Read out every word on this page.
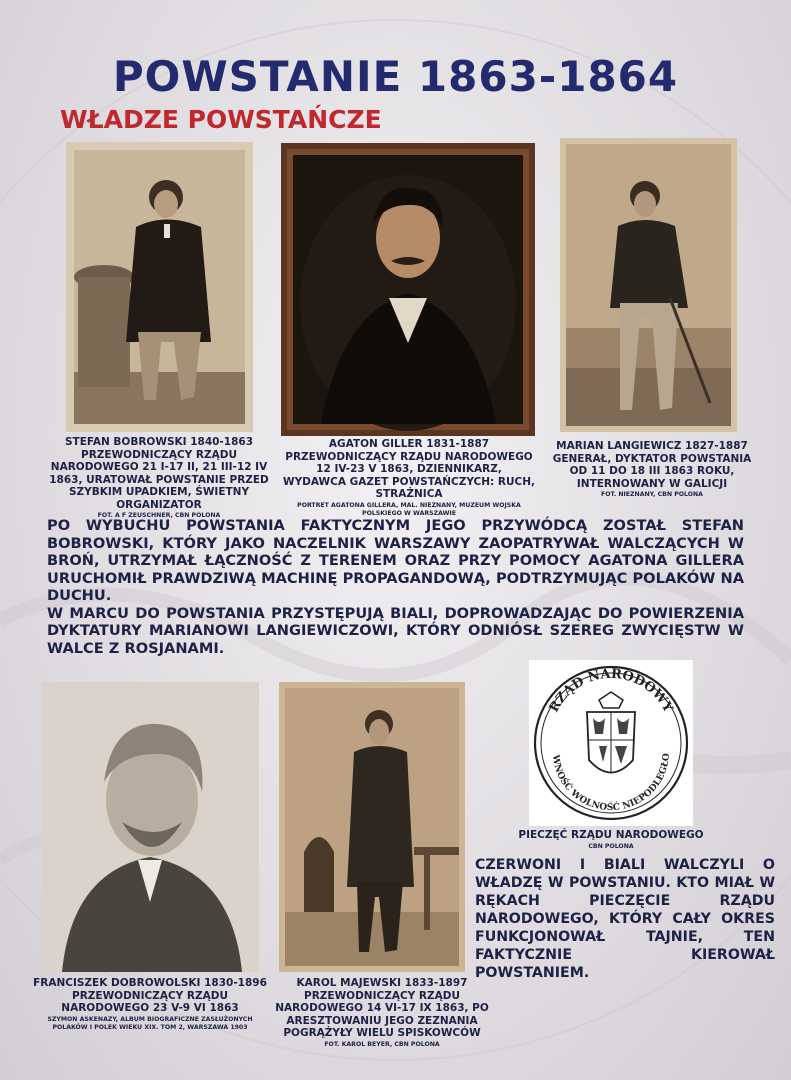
POWSTANIE 1863-1864
WŁADZE POWSTAŃCZE
STEFAN BOBROWSKI 1840-1863 PRZEWODNICZĄCY RZĄDU NARODOWEGO 21 I-17 II, 21 III-12 IV 1863, URATOWAŁ POWSTANIE PRZED SZYBKIM UPADKIEM, ŚWIETNY ORGANIZATOR
FOT. A F ZEUSCHNER, CBN POLONA
AGATON GILLER 1831-1887 PRZEWODNICZĄCY RZĄDU NARODOWEGO 12 IV-23 V 1863, DZIENNIKARZ, WYDAWCA GAZET POWSTAŃCZYCH: RUCH, STRAŻNICA
PORTRET AGATONA GILLERA, MAL. NIEZNANY, MUZEUM WOJSKA POLSKIEGO W WARSZAWIE
MARIAN LANGIEWICZ 1827-1887 GENERAŁ, DYKTATOR POWSTANIA OD 11 DO 18 III 1863 ROKU, INTERNOWANY W GALICJI
FOT. NIEZNANY, CBN POLONA

PO WYBUCHU POWSTANIA FAKTYCZNYM JEGO PRZYWÓDCĄ ZOSTAŁ STEFAN BOBROWSKI, KTÓRY JAKO NACZELNIK WARSZAWY ZAOPATRYWAŁ WALCZĄCYCH W BROŃ, UTRZYMAŁ ŁĄCZNOŚĆ Z TERENEM ORAZ PRZY POMOCY AGATONA GILLERA URUCHOMIŁ PRAWDZIWĄ MACHINĘ PROPAGANDOWĄ, PODTRZYMUJĄC POLAKÓW NA DUCHU.

W MARCU DO POWSTANIA PRZYSTĘPUJĄ BIALI, DOPROWADZAJĄC DO POWIERZENIA DYKTATURY MARIANOWI LANGIEWICZOWI, KTÓRY ODNIÓSŁ SZEREG ZWYCIĘSTW W WALCE Z ROSJANAMI.

FRANCISZEK DOBROWOLSKI 1830-1896 PRZEWODNICZĄCY RZĄDU NARODOWEGO 23 V-9 VI 1863
SZYMON ASKENAZY, ALBUM BIOGRAFICZNE ZASŁUŻONYCH POLAKÓW I POLEK WIEKU XIX. TOM 2, WARSZAWA 1903
KAROL MAJEWSKI 1833-1897 PRZEWODNICZĄCY RZĄDU NARODOWEGO 14 VI-17 IX 1863, PO ARESZTOWANIU JEGO ZEZNANIA POGRĄŻYŁY WIELU SPISKOWCÓW
FOT. KAROL BEYER, CBN POLONA
RZĄD NARODOWY
WNOŚĆ WOLNOŚĆ NIEPODLEGŁO
PIECZĘĆ RZĄDU NARODOWEGO
CBN POLONA

CZERWONI I BIALI WALCZYLI O WŁADZĘ W POWSTANIU. KTO MIAŁ W RĘKACH PIECZĘCIE RZĄDU NARODOWEGO, KTÓRY CAŁY OKRES FUNKCJONOWAŁ TAJNIE, TEN FAKTYCZNIE KIEROWAŁ POWSTANIEM.
